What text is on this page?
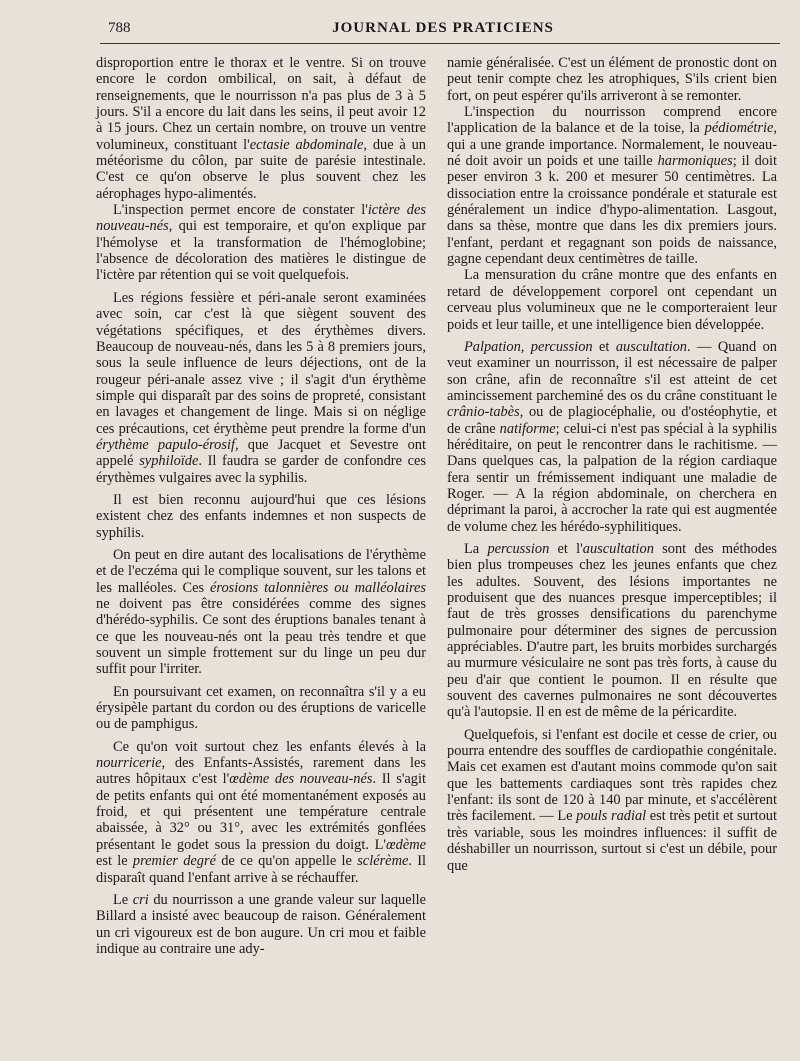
788	JOURNAL DES PRATICIENS

disproportion entre le thorax et le ventre. Si on trouve encore le cordon ombilical, on sait, à défaut de renseignements, que le nourrisson n'a pas plus de 3 à 5 jours. S'il a encore du lait dans les seins, il peut avoir 12 à 15 jours. Chez un certain nombre, on trouve un ventre volumineux, constituant l'ectasie abdominale, due à un météorisme du côlon, par suite de parésie intestinale. C'est ce qu'on observe le plus souvent chez les aérophages hypo-alimentés.

L'inspection permet encore de constater l'ictère des nouveau-nés, qui est temporaire, et qu'on explique par l'hémolyse et la transformation de l'hémoglobine; l'absence de décoloration des matières le distingue de l'ictère par rétention qui se voit quelquefois.

Les régions fessière et péri-anale seront examinées avec soin, car c'est là que siègent souvent des végétations spécifiques, et des érythèmes divers. Beaucoup de nouveau-nés, dans les 5 à 8 premiers jours, sous la seule influence de leurs déjections, ont de la rougeur péri-anale assez vive ; il s'agit d'un érythème simple qui disparaît par des soins de propreté, consistant en lavages et changement de linge. Mais si on néglige ces précautions, cet érythème peut prendre la forme d'un érythème papulo-érosif, que Jacquet et Sevestre ont appelé syphiloïde. Il faudra se garder de confondre ces érythèmes vulgaires avec la syphilis.

Il est bien reconnu aujourd'hui que ces lésions existent chez des enfants indemnes et non suspects de syphilis.

On peut en dire autant des localisations de l'érythème et de l'eczéma qui le complique souvent, sur les talons et les malléoles. Ces érosions talonnières ou malléolaires ne doivent pas être considérées comme des signes d'hérédo-syphilis. Ce sont des éruptions banales tenant à ce que les nouveau-nés ont la peau très tendre et que souvent un simple frottement sur du linge un peu dur suffit pour l'irriter.

En poursuivant cet examen, on reconnaîtra s'il y a eu érysipèle partant du cordon ou des éruptions de varicelle ou de pamphigus.

Ce qu'on voit surtout chez les enfants élevés à la nourricerie, des Enfants-Assistés, rarement dans les autres hôpitaux c'est l'œdème des nouveau-nés. Il s'agit de petits enfants qui ont été momentanément exposés au froid, et qui présentent une température centrale abaissée, à 32° ou 31°, avec les extrémités gonflées présentant le godet sous la pression du doigt. L'œdème est le premier degré de ce qu'on appelle le sclérème. Il disparaît quand l'enfant arrive à se réchauffer.

Le cri du nourrisson a une grande valeur sur laquelle Billard a insisté avec beaucoup de raison. Généralement un cri vigoureux est de bon augure. Un cri mou et faible indique au contraire une ady-

namie généralisée. C'est un élément de pronostic dont on peut tenir compte chez les atrophiques, S'ils crient bien fort, on peut espérer qu'ils arriveront à se remonter.

L'inspection du nourrisson comprend encore l'application de la balance et de la toise, la pédiométrie, qui a une grande importance. Normalement, le nouveau-né doit avoir un poids et une taille harmoniques; il doit peser environ 3 k. 200 et mesurer 50 centimètres. La dissociation entre la croissance pondérale et staturale est généralement un indice d'hypo-alimentation. Lasgout, dans sa thèse, montre que dans les dix premiers jours. l'enfant, perdant et regagnant son poids de naissance, gagne cependant deux centimètres de taille.

La mensuration du crâne montre que des enfants en retard de développement corporel ont cependant un cerveau plus volumineux que ne le comporteraient leur poids et leur taille, et une intelligence bien développée.

Palpation, percussion et auscultation. — Quand on veut examiner un nourrisson, il est nécessaire de palper son crâne, afin de reconnaître s'il est atteint de cet amincissement parcheminé des os du crâne constituant le crânio-tabès, ou de plagiocéphalie, ou d'ostéophytie, et de crâne natiforme; celui-ci n'est pas spécial à la syphilis héréditaire, on peut le rencontrer dans le rachitisme. — Dans quelques cas, la palpation de la région cardiaque fera sentir un frémissement indiquant une maladie de Roger. — A la région abdominale, on cherchera en déprimant la paroi, à accrocher la rate qui est augmentée de volume chez les hérédo-syphilitiques.

La percussion et l'auscultation sont des méthodes bien plus trompeuses chez les jeunes enfants que chez les adultes. Souvent, des lésions importantes ne produisent que des nuances presque imperceptibles; il faut de très grosses densifications du parenchyme pulmonaire pour déterminer des signes de percussion appréciables. D'autre part, les bruits morbides surchargés au murmure vésiculaire ne sont pas très forts, à cause du peu d'air que contient le poumon. Il en résulte que souvent des cavernes pulmonaires ne sont découvertes qu'à l'autopsie. Il en est de même de la péricardite.

Quelquefois, si l'enfant est docile et cesse de crier, ou pourra entendre des souffles de cardiopathie congénitale. Mais cet examen est d'autant moins commode qu'on sait que les battements cardiaques sont très rapides chez l'enfant: ils sont de 120 à 140 par minute, et s'accélèrent très facilement. — Le pouls radial est très petit et surtout très variable, sous les moindres influences: il suffit de déshabiller un nourrisson, surtout si c'est un débile, pour que
